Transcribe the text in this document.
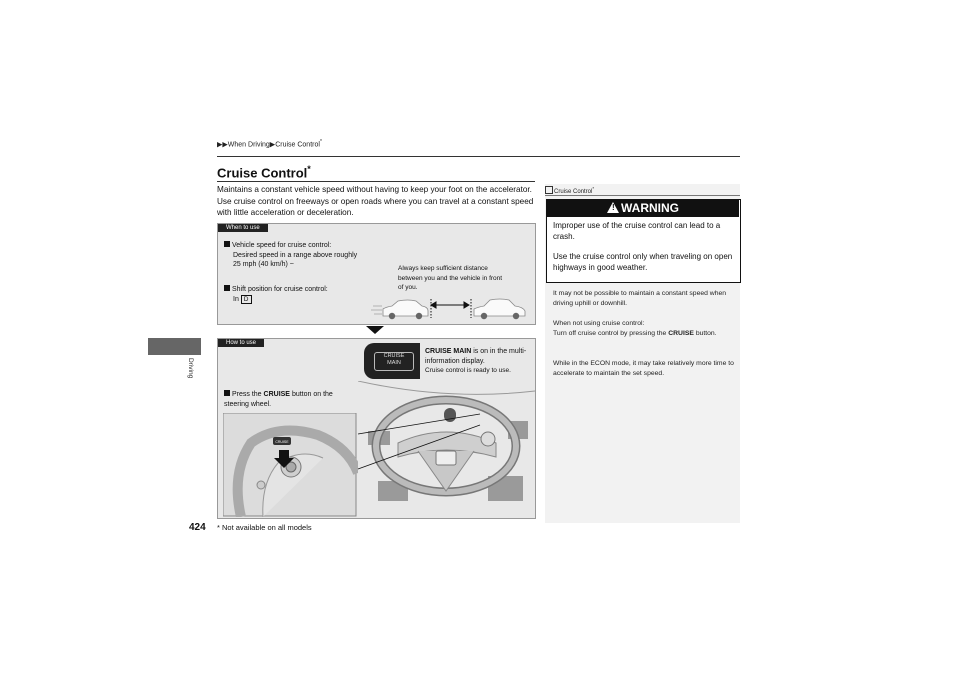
▶▶When Driving▶Cruise Control*
Cruise Control*
Maintains a constant vehicle speed without having to keep your foot on the accelerator. Use cruise control on freeways or open roads where you can travel at a constant speed with little acceleration or deceleration.
Driving
When to use
Vehicle speed for cruise control:

Desired speed in a range above roughly 25 mph (40 km/h) ~
Shift position for cruise control:
In D
Always keep sufficient distance between you and the vehicle in front of you.
How to use
Press the CRUISE button on the steering wheel.
CRUISE MAIN is on in the multi-information display.
Cruise control is ready to use.
CRUISE
MAIN
CRUISE
Cruise Control*
! WARNING
Improper use of the cruise control can lead to a crash.
Use the cruise control only when traveling on open highways in good weather.
It may not be possible to maintain a constant speed when driving uphill or downhill.
When not using cruise control:
Turn off cruise control by pressing the CRUISE button.
While in the ECON mode, it may take relatively more time to accelerate to maintain the set speed.
424 * Not available on all models
